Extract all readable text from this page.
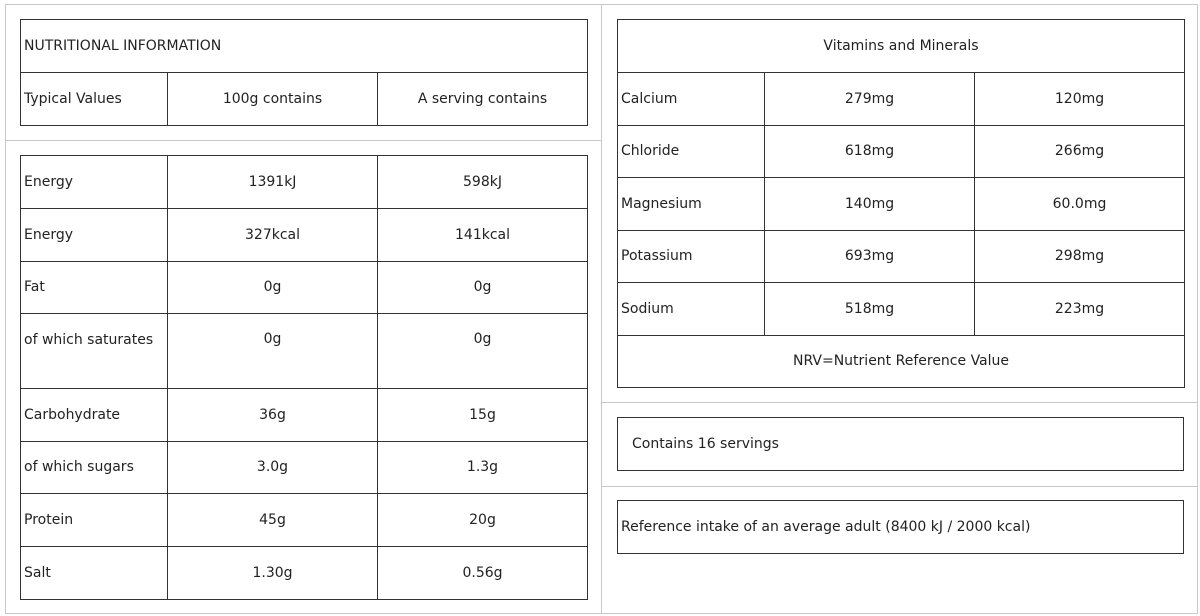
NUTRITIONAL INFORMATION
Typical Values	100g contains	A serving contains
Energy	1391kJ	598kJ
Energy	327kcal	141kcal
Fat	0g	0g
of which saturates	0g	0g
Carbohydrate	36g	15g
of which sugars	3.0g	1.3g
Protein	45g	20g
Salt	1.30g	0.56g
Vitamins and Minerals		
Calcium	279mg	120mg
Chloride	618mg	266mg
Magnesium	140mg	60.0mg
Potassium	693mg	298mg
Sodium	518mg	223mg
NRV=Nutrient Reference Value		
Contains 16 servings
Reference intake of an average adult (8400 kJ / 2000 kcal)
